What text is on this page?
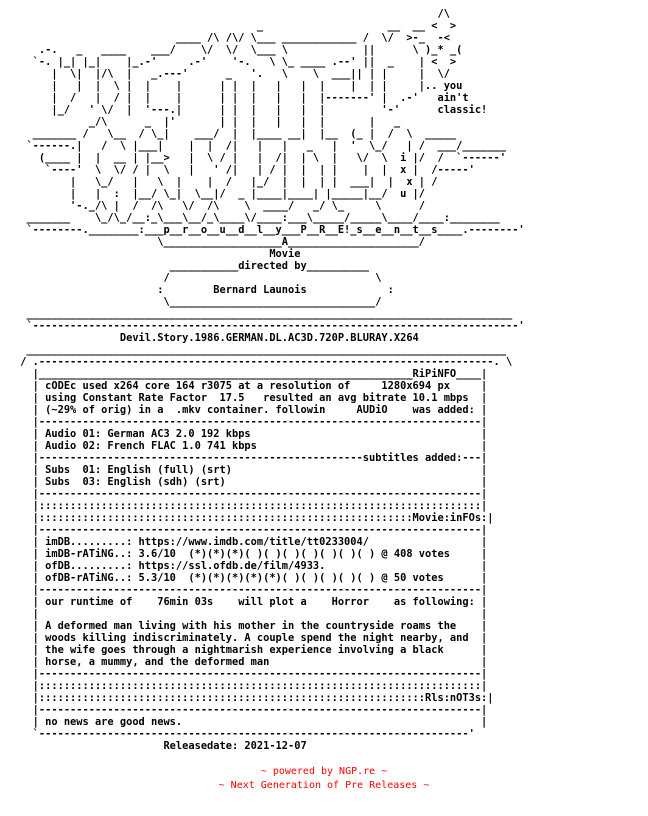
/\
_                    __  __ <  >
____ /\ /\/ \___ ____________ /  \/  >-_  -<
.-.   _   ____    ___/    \/  \/  \___ \            ||      \ )_* _(
`-. |_| |_|    |_.-'     .-'    '-.   \ \_ ____ .--' ||  _    | <  >
|  \|  |/\  |   _.---'      _   '.   \    \  ___|| | |     |  \/
|   |  |  \ |  |    |      | |  |   |   |  |    |  | |     |.. you
|  /   |  / |  |    |      | |  |   |   |  |-------' |  .-'   ain't
|_/   ' \/  |  '---.|      | |  |   |   |  |         '-'      classic!
_/\      _  |'       | |  |   |   |  |       |   _
_______ /   \__  / \_|    ___/  |  |____ __|  |__  (_ |  /  \  _____
`------.|   /  \ |___|    |  |  /|   |   |   _   |  '  \_/   | /  ___/_______
(____ |  |  __ | |__>   |  \ / |   |  /|  | \  |   \/  \  i |/  /  `------'
`----'  \  \/ / |  \   |   ' /|   | / |  |  | |    |  |  x |  /-----'
|   \_/   |   \  |    |  /   |_/  |  |  | |  ___|  |  x | /
|   |  :  |__/ \_|  \__|/  _ |____|____| |_____|__/  u |/
'-._/\ |  /  /\   \/  /\    \  ____/   _/ \_     \      /
_______    \_/\_/__:_\___\__/_\____\/____:___\_____/_____\____/____:________
`--------.________:___p__r__o__u__d__l__y___P__R__E!_s__e__n__t__s____.--------'
\___________________A_____________________/
Movie
___________directed by__________
/                                 \
:        Bernard Launois             :
\_________________________________/
______________________________________________________________________________
`------------------------------------------------------------------------------'
Devil.Story.1986.GERMAN.DL.AC3D.720P.BLURAY.X264
_____________________________________________________________________________
/ .-------------------------------------------------------------------------. \
|____________________________________________________________RiPiNFO____|
| cODEc used x264 core 164 r3075 at a resolution of     1280x694 px     |
| using Constant Rate Factor  17.5   resulted an avg bitrate 10.1 mbps  |
| (~29% of orig) in a  .mkv container. followin     AUDiO    was added: |
|-----------------------------------------------------------------------|
| Audio 01: German AC3 2.0 192 kbps                                     |
| Audio 02: French FLAC 1.0 741 kbps                                    |
|----------------------------------------------------subtitles added:---|
| Subs  01: English (full) (srt)                                        |
| Subs  03: English (sdh) (srt)                                         |
|-----------------------------------------------------------------------|
|:::::::::::::::::::::::::::::::::::::::::::::::::::::::::::::::::::::::|
|::::::::::::::::::::::::::::::::::::::::::::::::::::::::::::Movie:inFOs:|
|-----------------------------------------------------------------------|
| imDB.........: https://www.imdb.com/title/tt0233004/                  |
| imDB-rATiNG..: 3.6/10  (*)(*)(*)( )( )( )( )( )( )( ) @ 408 votes     |
| ofDB.........: https://ssl.ofdb.de/film/4933.                         |
| ofDB-rATiNG..: 5.3/10  (*)(*)(*)(*)(*)( )( )( )( )( ) @ 50 votes      |
|-----------------------------------------------------------------------|
| our runtime of    76min 03s    will plot a    Horror    as following: |
|                                                                       |
| A deformed man living with his mother in the countryside roams the    |
| woods killing indiscriminately. A couple spend the night nearby, and  |
| the wife goes through a nightmarish experience involving a black      |
| horse, a mummy, and the deformed man                                  |
|-----------------------------------------------------------------------|
|:::::::::::::::::::::::::::::::::::::::::::::::::::::::::::::::::::::::|
|::::::::::::::::::::::::::::::::::::::::::::::::::::::::::::::Rls:nOT3s:|
|-----------------------------------------------------------------------|
| no news are good news.                                                |
`---------------------------------------------------------------------'
Releasedate: 2021-12-07
~ powered by NGP.re ~
~ Next Generation of Pre Releases ~
